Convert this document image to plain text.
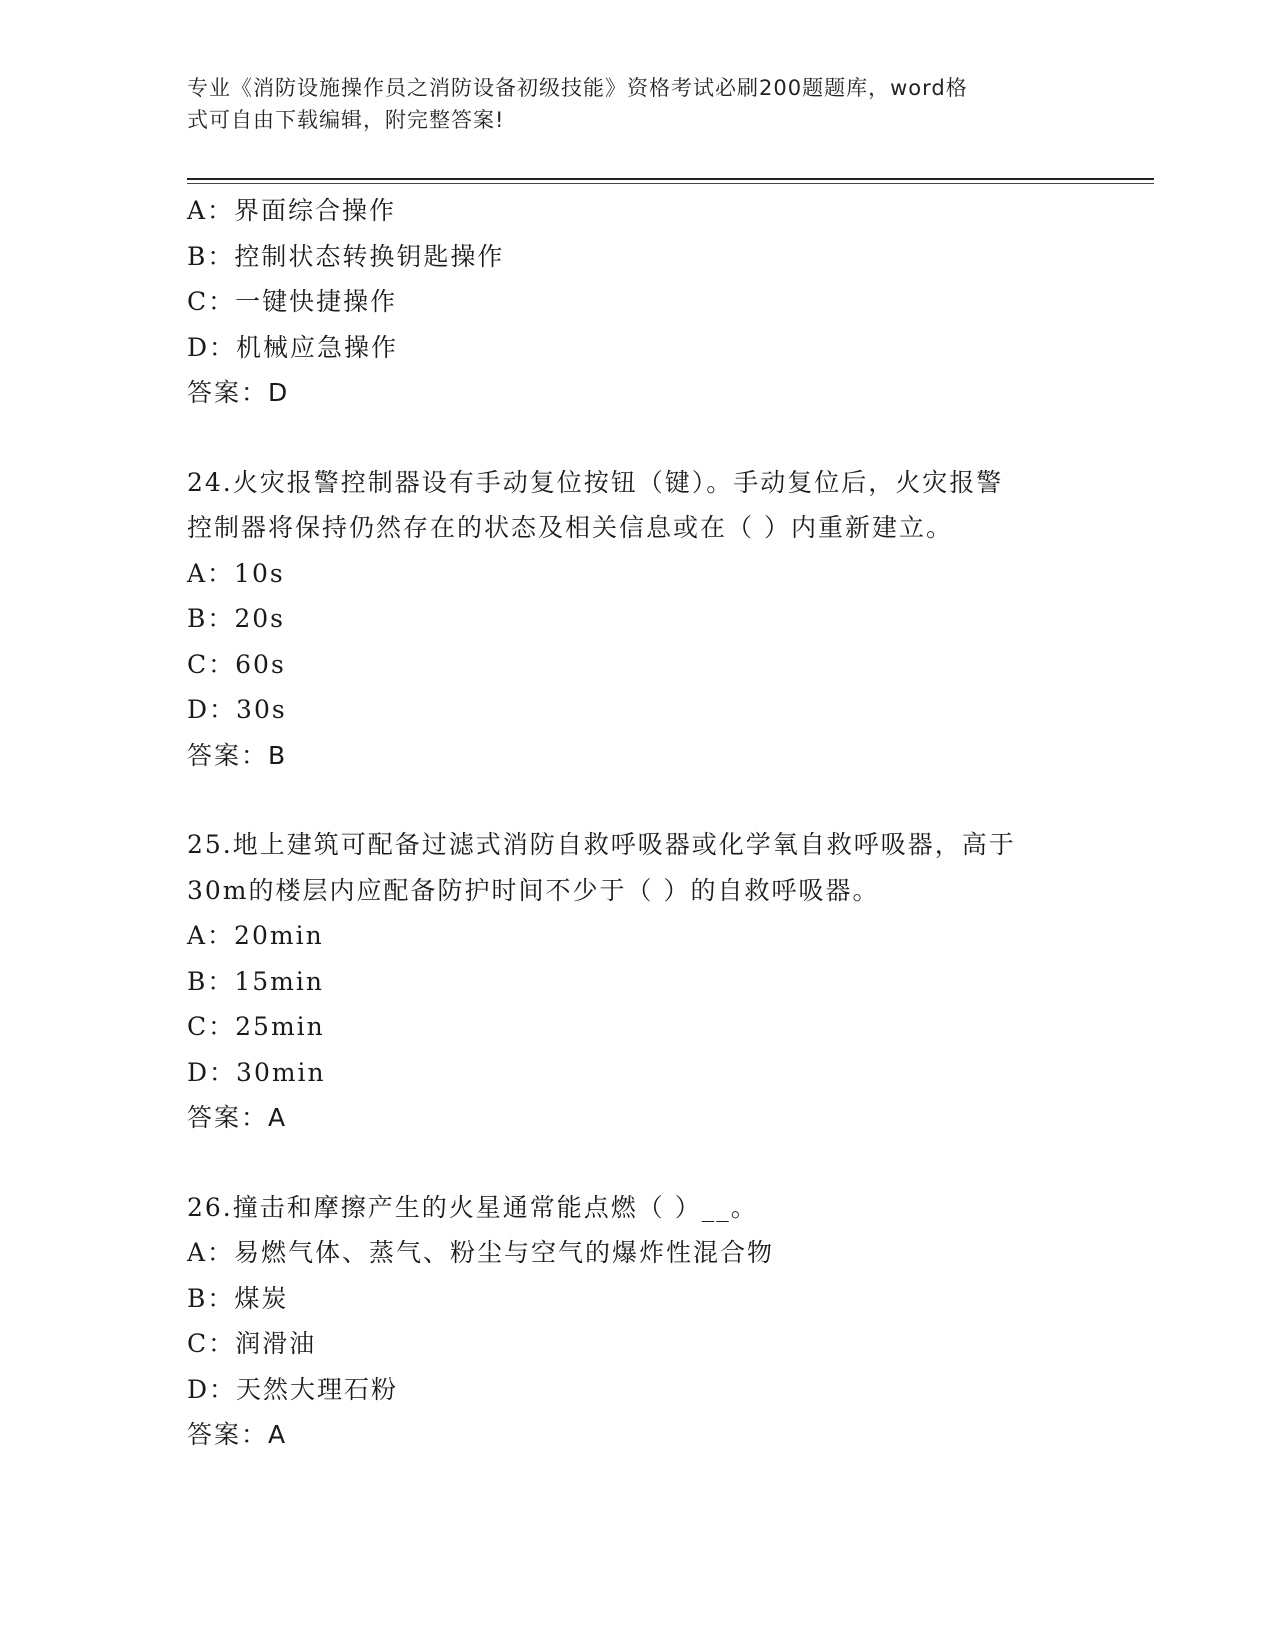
专业《消防设施操作员之消防设备初级技能》资格考试必刷200题题库，word格
式可自由下载编辑，附完整答案!
A：界面综合操作
B：控制状态转换钥匙操作
C：一键快捷操作
D：机械应急操作
答案：D
24.火灾报警控制器设有手动复位按钮（键）。手动复位后，火灾报警
控制器将保持仍然存在的状态及相关信息或在（ ）内重新建立。
A：10s
B：20s
C：60s
D：30s
答案：B
25.地上建筑可配备过滤式消防自救呼吸器或化学氧自救呼吸器，高于
30m的楼层内应配备防护时间不少于（ ）的自救呼吸器。
A：20min
B：15min
C：25min
D：30min
答案：A
26.撞击和摩擦产生的火星通常能点燃（ ）__。
A：易燃气体、蒸气、粉尘与空气的爆炸性混合物
B：煤炭
C：润滑油
D：天然大理石粉
答案：A
